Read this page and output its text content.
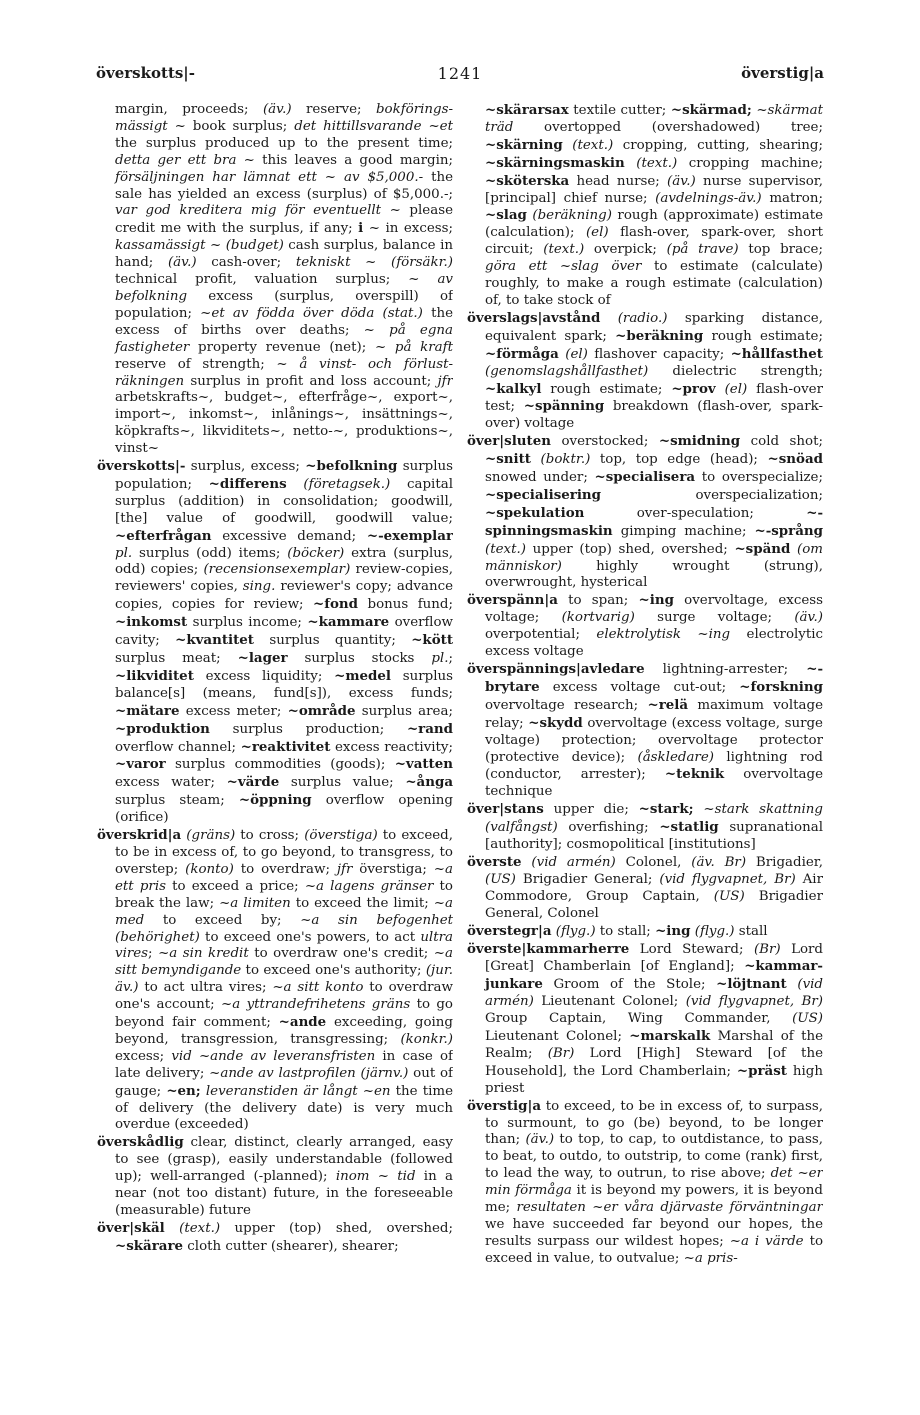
överskotts|-	1241	överstig|a

margin, proceeds; (äv.) reserve; bokförings-mässigt ~ book surplus; det hittillsvarande ~et the surplus produced up to the present time; detta ger ett bra ~ this leaves a good margin; försäljningen har lämnat ett ~ av $5,000.- the sale has yielded an excess (surplus) of $5,000.-; var god kreditera mig för eventuellt ~ please credit me with the surplus, if any; i ~ in excess; kassamässigt ~ (budget) cash surplus, balance in hand; (äv.) cash-over; tekniskt ~ (försäkr.) technical profit, valuation surplus; ~ av befolkning excess (surplus, overspill) of population; ~et av födda över döda (stat.) the excess of births over deaths; ~ på egna fastigheter property revenue (net); ~ på kraft reserve of strength; ~ å vinst- och förlust-räkningen surplus in profit and loss account; jfr arbetskrafts~, budget~, efterfråge~, export~, import~, inkomst~, inlånings~, insättnings~, köpkrafts~, likviditets~, netto-~, produktions~, vinst~

överskotts|- surplus, excess; ~befolkning surplus population; ~differens (företagsek.) capital surplus (addition) in consolidation; goodwill, [the] value of goodwill, goodwill value; ~efterfrågan excessive demand; ~-exemplar pl. surplus (odd) items; (böcker) extra (surplus, odd) copies; (recensionsexemplar) review-copies, reviewers' copies, sing. reviewer's copy; advance copies, copies for review; ~fond bonus fund; ~inkomst surplus income; ~kammare overflow cavity; ~kvantitet surplus quantity; ~kött surplus meat; ~lager surplus stocks pl.; ~likviditet excess liquidity; ~medel surplus balance[s] (means, fund[s]), excess funds; ~mätare excess meter; ~område surplus area; ~produktion surplus production; ~rand overflow channel; ~reaktivitet excess reactivity; ~varor surplus commodities (goods); ~vatten excess water; ~värde surplus value; ~ånga surplus steam; ~öppning overflow opening (orifice)

överskrid|a (gräns) to cross; (överstiga) to exceed, to be in excess of, to go beyond, to transgress, to overstep; (konto) to overdraw; jfr överstiga; ~a ett pris to exceed a price; ~a lagens gränser to break the law; ~a limiten to exceed the limit; ~a med to exceed by; ~a sin befogenhet (behörighet) to exceed one's powers, to act ultra vires; ~a sin kredit to overdraw one's credit; ~a sitt bemyndigande to exceed one's authority; (jur. äv.) to act ultra vires; ~a sitt konto to overdraw one's account; ~a yttrandefrihetens gräns to go beyond fair comment; ~ande exceeding, going beyond, transgression, transgressing; (konkr.) excess; vid ~ande av leveransfristen in case of late delivery; ~ande av lastprofilen (järnv.) out of gauge; ~en; leveranstiden är långt ~en the time of delivery (the delivery date) is very much overdue (exceeded)

överskådlig clear, distinct, clearly arranged, easy to see (grasp), easily understandable (followed up); well-arranged (-planned); inom ~ tid in a near (not too distant) future, in the foreseeable (measurable) future

över|skäl (text.) upper (top) shed, overshed; ~skärare cloth cutter (shearer), shearer;

~skärarsax textile cutter; ~skärmad; ~skärmat träd overtopped (overshadowed) tree; ~skärning (text.) cropping, cutting, shearing; ~skärningsmaskin (text.) cropping machine; ~sköterska head nurse; (äv.) nurse supervisor, [principal] chief nurse; (avdelnings-äv.) matron; ~slag (beräkning) rough (approximate) estimate (calculation); (el) flash-over, spark-over, short circuit; (text.) overpick; (på trave) top brace; göra ett ~slag över to estimate (calculate) roughly, to make a rough estimate (calculation) of, to take stock of

överslags|avstånd (radio.) sparking distance, equivalent spark; ~beräkning rough estimate; ~förmåga (el) flashover capacity; ~hållfasthet (genomslagshållfasthet) dielectric strength; ~kalkyl rough estimate; ~prov (el) flash-over test; ~spänning breakdown (flash-over, spark-over) voltage

över|sluten overstocked; ~smidning cold shot; ~snitt (boktr.) top, top edge (head); ~snöad snowed under; ~specialisera to overspecialize; ~specialisering overspecialization; ~spekulation over-speculation; ~-spinningsmaskin gimping machine; ~-språng (text.) upper (top) shed, overshed; ~spänd (om människor) highly wrought (strung), overwrought, hysterical

överspänn|a to span; ~ing overvoltage, excess voltage; (kortvarig) surge voltage; (äv.) overpotential; elektrolytisk ~ing electrolytic excess voltage

överspännings|avledare lightning-arrester; ~-brytare excess voltage cut-out; ~forskning overvoltage research; ~relä maximum voltage relay; ~skydd overvoltage (excess voltage, surge voltage) protection; overvoltage protector (protective device); (åskledare) lightning rod (conductor, arrester); ~teknik overvoltage technique

över|stans upper die; ~stark; ~stark skattning (valfångst) overfishing; ~statlig supranational [authority]; cosmopolitical [institutions]

överste (vid armén) Colonel, (äv. Br) Brigadier, (US) Brigadier General; (vid flygvapnet, Br) Air Commodore, Group Captain, (US) Brigadier General, Colonel

överstegr|a (flyg.) to stall; ~ing (flyg.) stall

överste|kammarherre Lord Steward; (Br) Lord [Great] Chamberlain [of England]; ~kammar-junkare Groom of the Stole; ~löjtnant (vid armén) Lieutenant Colonel; (vid flygvapnet, Br) Group Captain, Wing Commander, (US) Lieutenant Colonel; ~marskalk Marshal of the Realm; (Br) Lord [High] Steward [of the Household], the Lord Chamberlain; ~präst high priest

överstig|a to exceed, to be in excess of, to surpass, to surmount, to go (be) beyond, to be longer than; (äv.) to top, to cap, to outdistance, to pass, to beat, to outdo, to outstrip, to come (rank) first, to lead the way, to outrun, to rise above; det ~er min förmåga it is beyond my powers, it is beyond me; resultaten ~er våra djärvaste förväntningar we have succeeded far beyond our hopes, the results surpass our wildest hopes; ~a i värde to exceed in value, to outvalue; ~a pris-
